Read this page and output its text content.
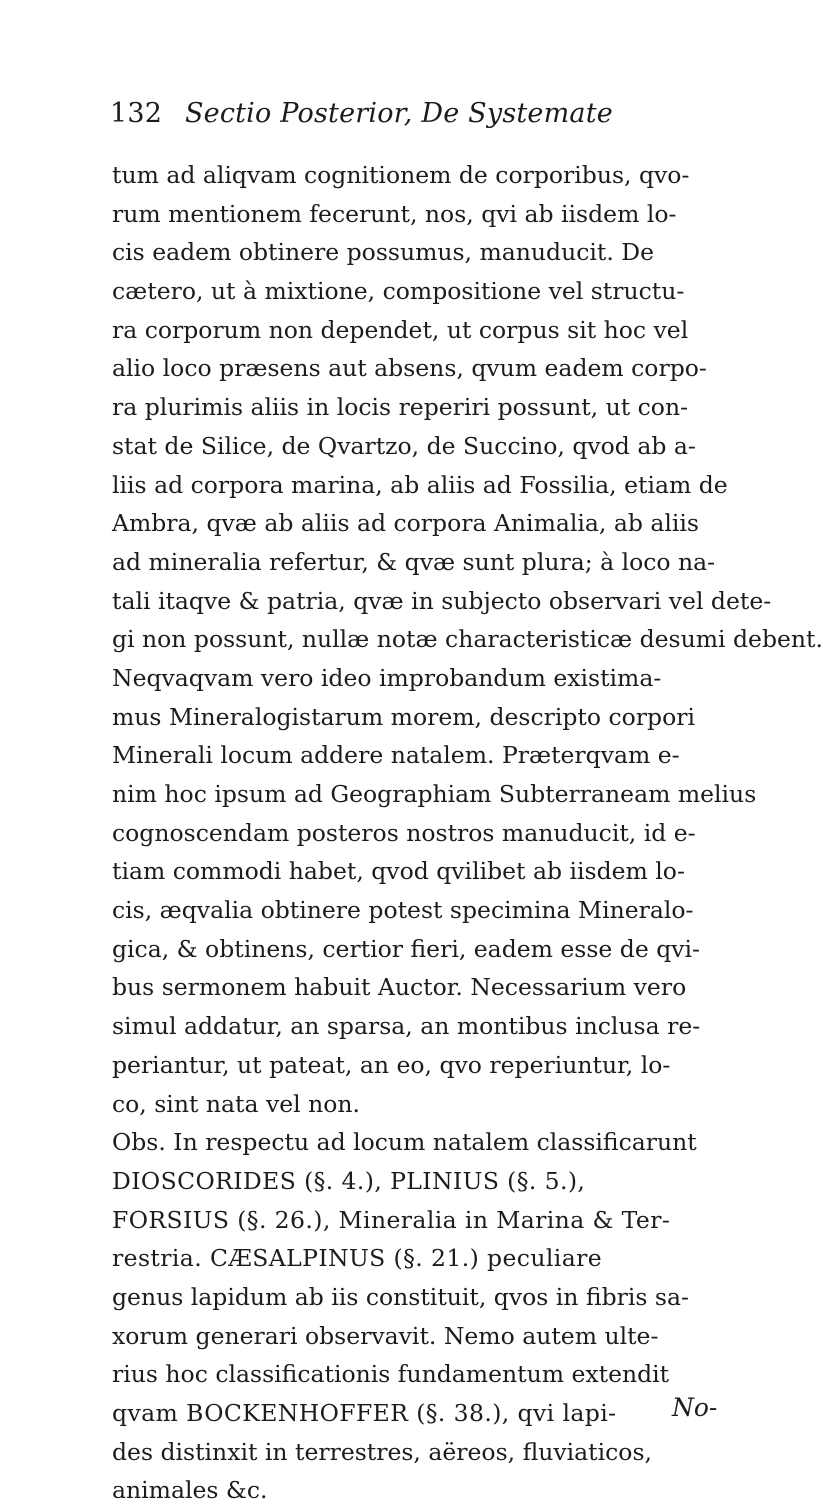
132 Sectio Posterior, De Systemate
tum ad aliqvam cognitionem de corporibus, qvo-
rum mentionem fecerunt, nos, qvi ab iisdem lo-
cis eadem obtinere possumus, manuducit. De
cætero, ut à mixtione, compositione vel structu-
ra corporum non dependet, ut corpus sit hoc vel
alio loco præsens aut absens, qvum eadem corpo-
ra plurimis aliis in locis reperiri possunt, ut con-
stat de Silice, de Qvartzo, de Succino, qvod ab a-
liis ad corpora marina, ab aliis ad Fossilia, etiam de
Ambra, qvæ ab aliis ad corpora Animalia, ab aliis
ad mineralia refertur, & qvæ sunt plura; à loco na-
tali itaqve & patria, qvæ in subjecto observari vel dete-
gi non possunt, nullæ notæ characteristicæ desumi debent.
Neqvaqvam vero ideo improbandum existima-
mus Mineralogistarum morem, descripto corpori
Minerali locum addere natalem. Præterqvam e-
nim hoc ipsum ad Geographiam Subterraneam melius
cognoscendam posteros nostros manuducit, id e-
tiam commodi habet, qvod qvilibet ab iisdem lo-
cis, æqvalia obtinere potest specimina Mineralo-
gica, & obtinens, certior fieri, eadem esse de qvi-
bus sermonem habuit Auctor. Necessarium vero
simul addatur, an sparsa, an montibus inclusa re-
periantur, ut pateat, an eo, qvo reperiuntur, lo-
co, sint nata vel non.
Obs. In respectu ad locum natalem classificarunt
DIOSCORIDES (§. 4.), PLINIUS (§. 5.),
FORSIUS (§. 26.), Mineralia in Marina & Ter-
restria. CÆSALPINUS (§. 21.) peculiare
genus lapidum ab iis constituit, qvos in fibris sa-
xorum generari observavit. Nemo autem ulte-
rius hoc classificationis fundamentum extendit
qvam BOCKENHOFFER (§. 38.), qvi lapi-
des distinxit in terrestres, aëreos, fluviaticos,
animales &c.
No-
